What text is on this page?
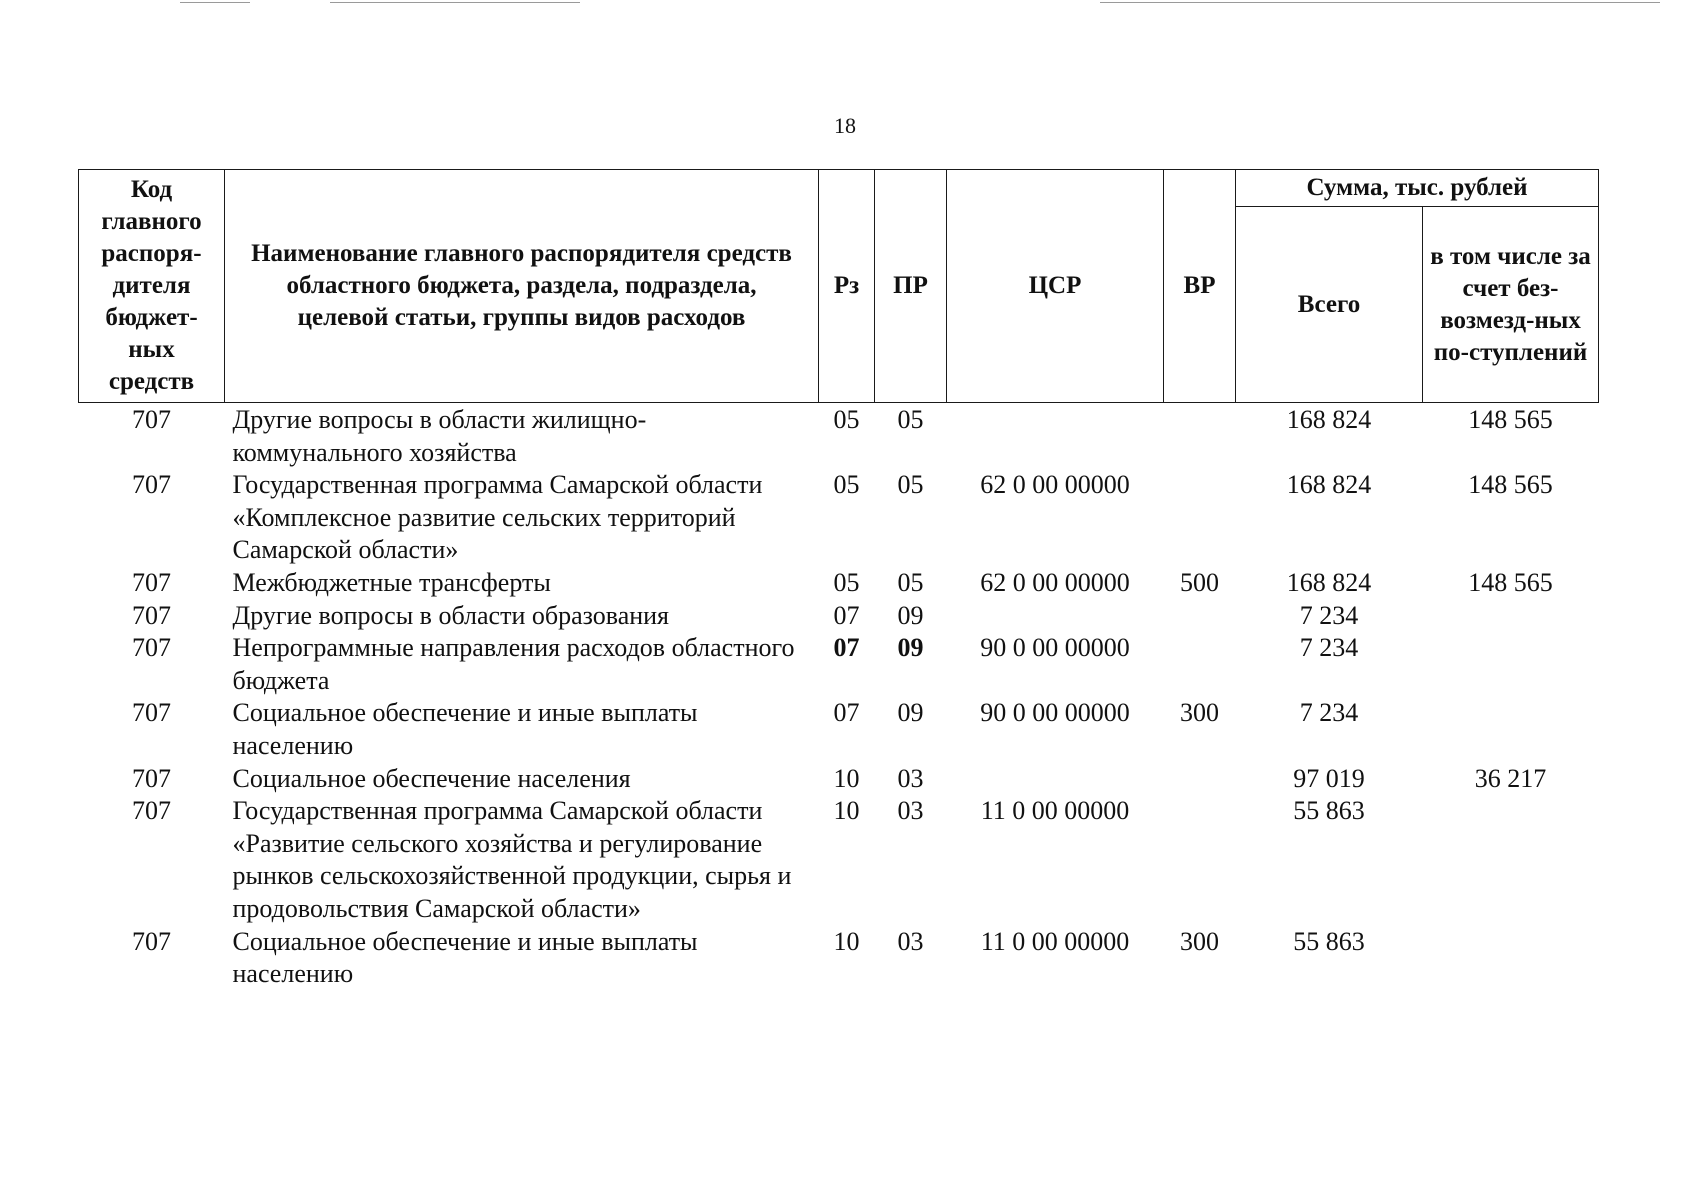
18
Код главного распоря-дителя бюджет-ных средств	Наименование главного распорядителя средств областного бюджета, раздела, подраздела, целевой статьи, группы видов расходов	Рз	ПР	ЦСР	ВР	Сумма, тыс. рублей	
						Всего	в том числе за счет без-возмезд-ных по-ступлений
707	Другие вопросы в области жилищно-коммунального хозяйства	05	05			168 824	148 565
707	Государственная программа Самарской области «Комплексное развитие сельских территорий Самарской области»	05	05	62 0 00 00000		168 824	148 565
707	Межбюджетные трансферты	05	05	62 0 00 00000	500	168 824	148 565
707	Другие вопросы в области образования	07	09			7 234	
707	Непрограммные направления расходов областного бюджета	07	09	90 0 00 00000		7 234	
707	Социальное обеспечение и иные выплаты населению	07	09	90 0 00 00000	300	7 234	
707	Социальное обеспечение населения	10	03			97 019	36 217
707	Государственная программа Самарской области «Развитие сельского хозяйства и регулирование рынков сельскохозяйственной продукции, сырья и продовольствия Самарской области»	10	03	11 0 00 00000		55 863	
707	Социальное обеспечение и иные выплаты населению	10	03	11 0 00 00000	300	55 863	
